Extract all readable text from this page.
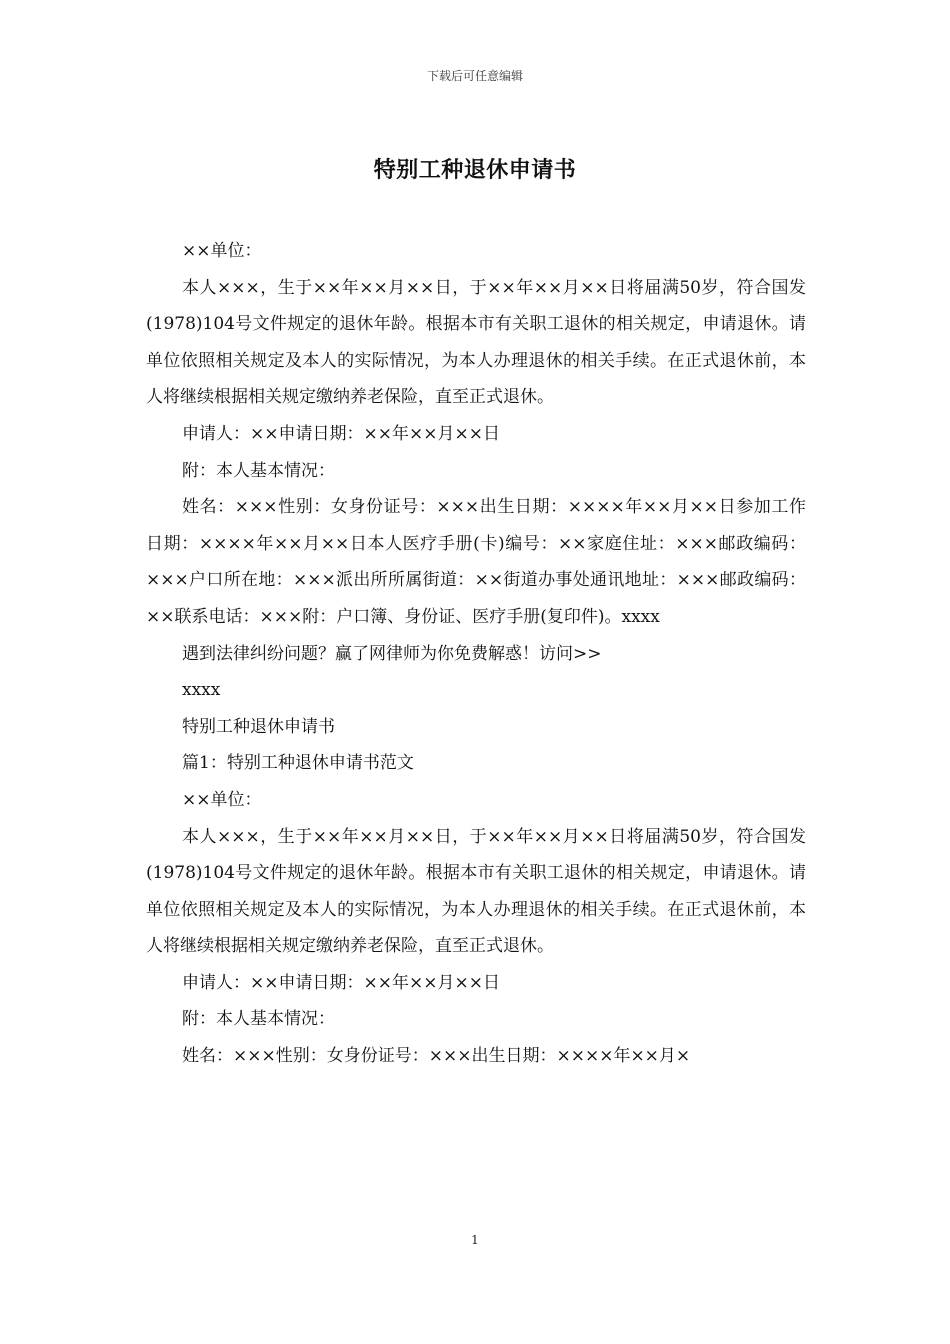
下载后可任意编辑
特别工种退休申请书

××单位：

本人×××，生于××年××月××日，于××年××月××日将届满50岁，符合国发(1978)104号文件规定的退休年龄。根据本市有关职工退休的相关规定，申请退休。请单位依照相关规定及本人的实际情况，为本人办理退休的相关手续。在正式退休前，本人将继续根据相关规定缴纳养老保险，直至正式退休。

申请人：××申请日期：××年××月××日

附：本人基本情况：

姓名：×××性别：女身份证号：×××出生日期：××××年××月××日参加工作日期：××××年××月××日本人医疗手册(卡)编号：××家庭住址：×××邮政编码：×××户口所在地：×××派出所所属街道：××街道办事处通讯地址：×××邮政编码：××联系电话：×××附：户口簿、身份证、医疗手册(复印件)。xxxx

遇到法律纠纷问题？赢了网律师为你免费解惑！访问>>

xxxx

特别工种退休申请书

篇1：特别工种退休申请书范文

××单位：

本人×××，生于××年××月××日，于××年××月××日将届满50岁，符合国发(1978)104号文件规定的退休年龄。根据本市有关职工退休的相关规定，申请退休。请单位依照相关规定及本人的实际情况，为本人办理退休的相关手续。在正式退休前，本人将继续根据相关规定缴纳养老保险，直至正式退休。

申请人：××申请日期：××年××月××日

附：本人基本情况：

姓名：×××性别：女身份证号：×××出生日期：××××年××月×

1
